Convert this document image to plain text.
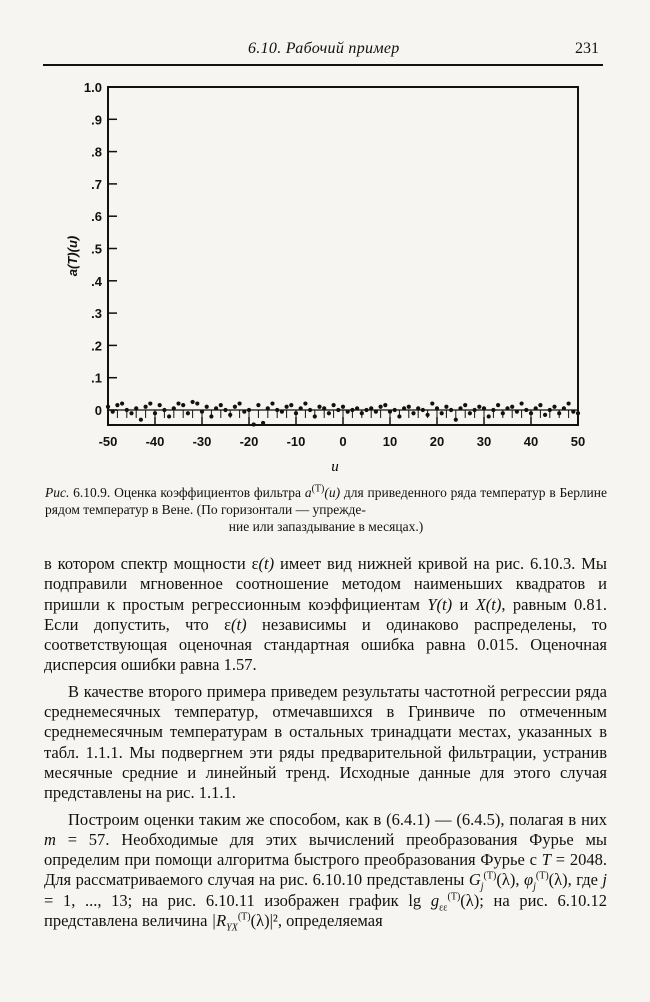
6.10. Рабочий пример	231
0
.1
.2
.3
.4
.5
.6
.7
.8
.9
1.0
-50 -40 -30 -20 -10	0	10	20	30	40	50
a(T)(u)
u
Рис. 6.10.9. Оценка коэффициентов фильтра $a^{(T)}(u)$ для приведенного ряда температур в Берлине рядом температур в Вене. (По горизонтали — упрежде-
ние или запаздывание в месяцах.)

в котором спектр мощности ε(t) имеет вид нижней кривой на рис. 6.10.3. Мы подправили мгновенное соотношение методом наименьших квадратов и пришли к простым регрессионным коэффициентам Y(t) и X(t), равным 0.81. Если допустить, что ε(t) независимы и одинаково распределены, то соответствующая оценочная стандартная ошибка равна 0.015. Оценочная дисперсия ошибки равна 1.57.

В качестве второго примера приведем результаты частотной регрессии ряда среднемесячных температур, отмечавшихся в Гринвиче по отмеченным среднемесячным температурам в остальных тринадцати местах, указанных в табл. 1.1.1. Мы подвергнем эти ряды предварительной фильтрации, устранив месячные средние и линейный тренд. Исходные данные для этого случая представлены на рис. 1.1.1.

Построим оценки таким же способом, как в (6.4.1) — (6.4.5), полагая в них m = 57. Необходимые для этих вычислений преобразования Фурье мы определим при помощи алгоритма быстрого преобразования Фурье с T = 2048. Для рассматриваемого случая на рис. 6.10.10 представлены $G_j^{(T)}(\lambda)$, $\varphi_j^{(T)}(\lambda)$, где j = 1, ..., 13; на рис. 6.10.11 изображен график $\lg g_{\varepsilon\varepsilon}^{(T)}(\lambda)$; на рис. 6.10.12 представлена величина $|R_{YX}^{(T)}(\lambda)|^2$, определяемая
